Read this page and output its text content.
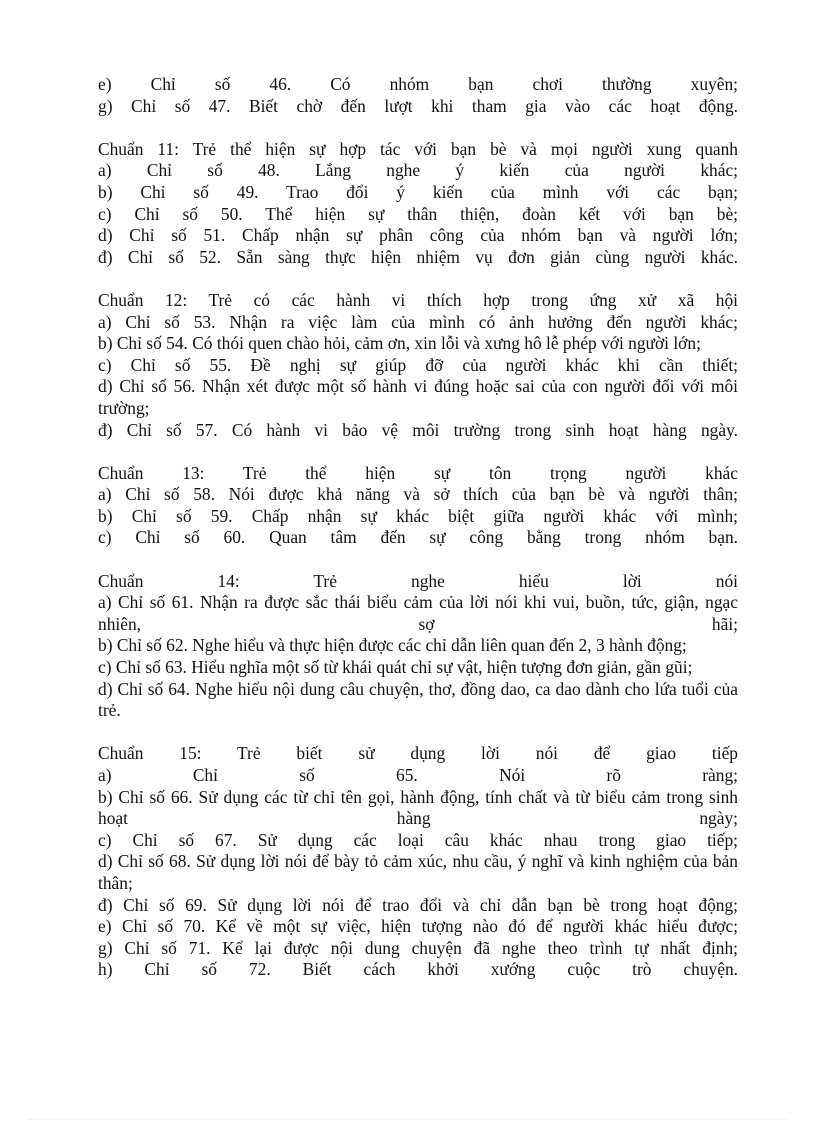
e) Chỉ số 46. Có nhóm bạn chơi thường xuyên;
g) Chỉ số 47. Biết chờ đến lượt khi tham gia vào các hoạt động.
Chuẩn 11: Trẻ thể hiện sự hợp tác với bạn bè và mọi người xung quanh
a) Chỉ số 48. Lắng nghe ý kiến của người khác;
b) Chỉ số 49. Trao đổi ý kiến của mình với các bạn;
c) Chỉ số 50. Thể hiện sự thân thiện, đoàn kết với bạn bè;
d) Chỉ số 51. Chấp nhận sự phân công của nhóm bạn và người lớn;
đ) Chỉ số 52. Sẵn sàng thực hiện nhiệm vụ đơn giản cùng người khác.
Chuẩn 12: Trẻ có các hành vi thích hợp trong ứng xử xã hội
a) Chỉ số 53. Nhận ra việc làm của mình có ảnh hưởng đến người khác;
b) Chỉ số 54. Có thói quen chào hỏi, cảm ơn, xin lỗi và xưng hô lễ phép với người lớn;
c) Chỉ số 55. Đề nghị sự giúp đỡ của người khác khi cần thiết;
d) Chỉ số 56. Nhận xét được một số hành vi đúng hoặc sai của con người đối với môi trường;
đ) Chỉ số 57. Có hành vi bảo vệ môi trường trong sinh hoạt hàng ngày.
Chuẩn 13: Trẻ thể hiện sự tôn trọng người khác
a) Chỉ số 58. Nói được khả năng và sở thích của bạn bè và người thân;
b) Chỉ số 59. Chấp nhận sự khác biệt giữa người khác với mình;
c) Chỉ số 60. Quan tâm đến sự công bằng trong nhóm bạn.
Chuẩn 14: Trẻ nghe hiểu lời nói
a) Chỉ số 61. Nhận ra được sắc thái biểu cảm của lời nói khi vui, buồn, tức, giận, ngạc nhiên, sợ hãi;
b) Chỉ số 62. Nghe hiểu và thực hiện được các chỉ dẫn liên quan đến 2, 3 hành động;
c) Chỉ số 63. Hiểu nghĩa một số từ khái quát chỉ sự vật, hiện tượng đơn giản, gần gũi;
d) Chỉ số 64. Nghe hiểu nội dung câu chuyện, thơ, đồng dao, ca dao dành cho lứa tuổi của trẻ.
Chuẩn 15: Trẻ biết sử dụng lời nói để giao tiếp
a) Chỉ số 65. Nói rõ ràng;
b) Chỉ số 66. Sử dụng các từ chỉ tên gọi, hành động, tính chất và từ biểu cảm trong sinh hoạt hàng ngày;
c) Chỉ số 67. Sử dụng các loại câu khác nhau trong giao tiếp;
d) Chỉ số 68. Sử dụng lời nói để bày tỏ cảm xúc, nhu cầu, ý nghĩ và kinh nghiệm của bản thân;
đ) Chỉ số 69. Sử dụng lời nói để trao đổi và chỉ dẫn bạn bè trong hoạt động;
e) Chỉ số 70. Kể về một sự việc, hiện tượng nào đó để người khác hiểu được;
g) Chỉ số 71. Kể lại được nội dung chuyện đã nghe theo trình tự nhất định;
h) Chỉ số 72. Biết cách khởi xướng cuộc trò chuyện.
